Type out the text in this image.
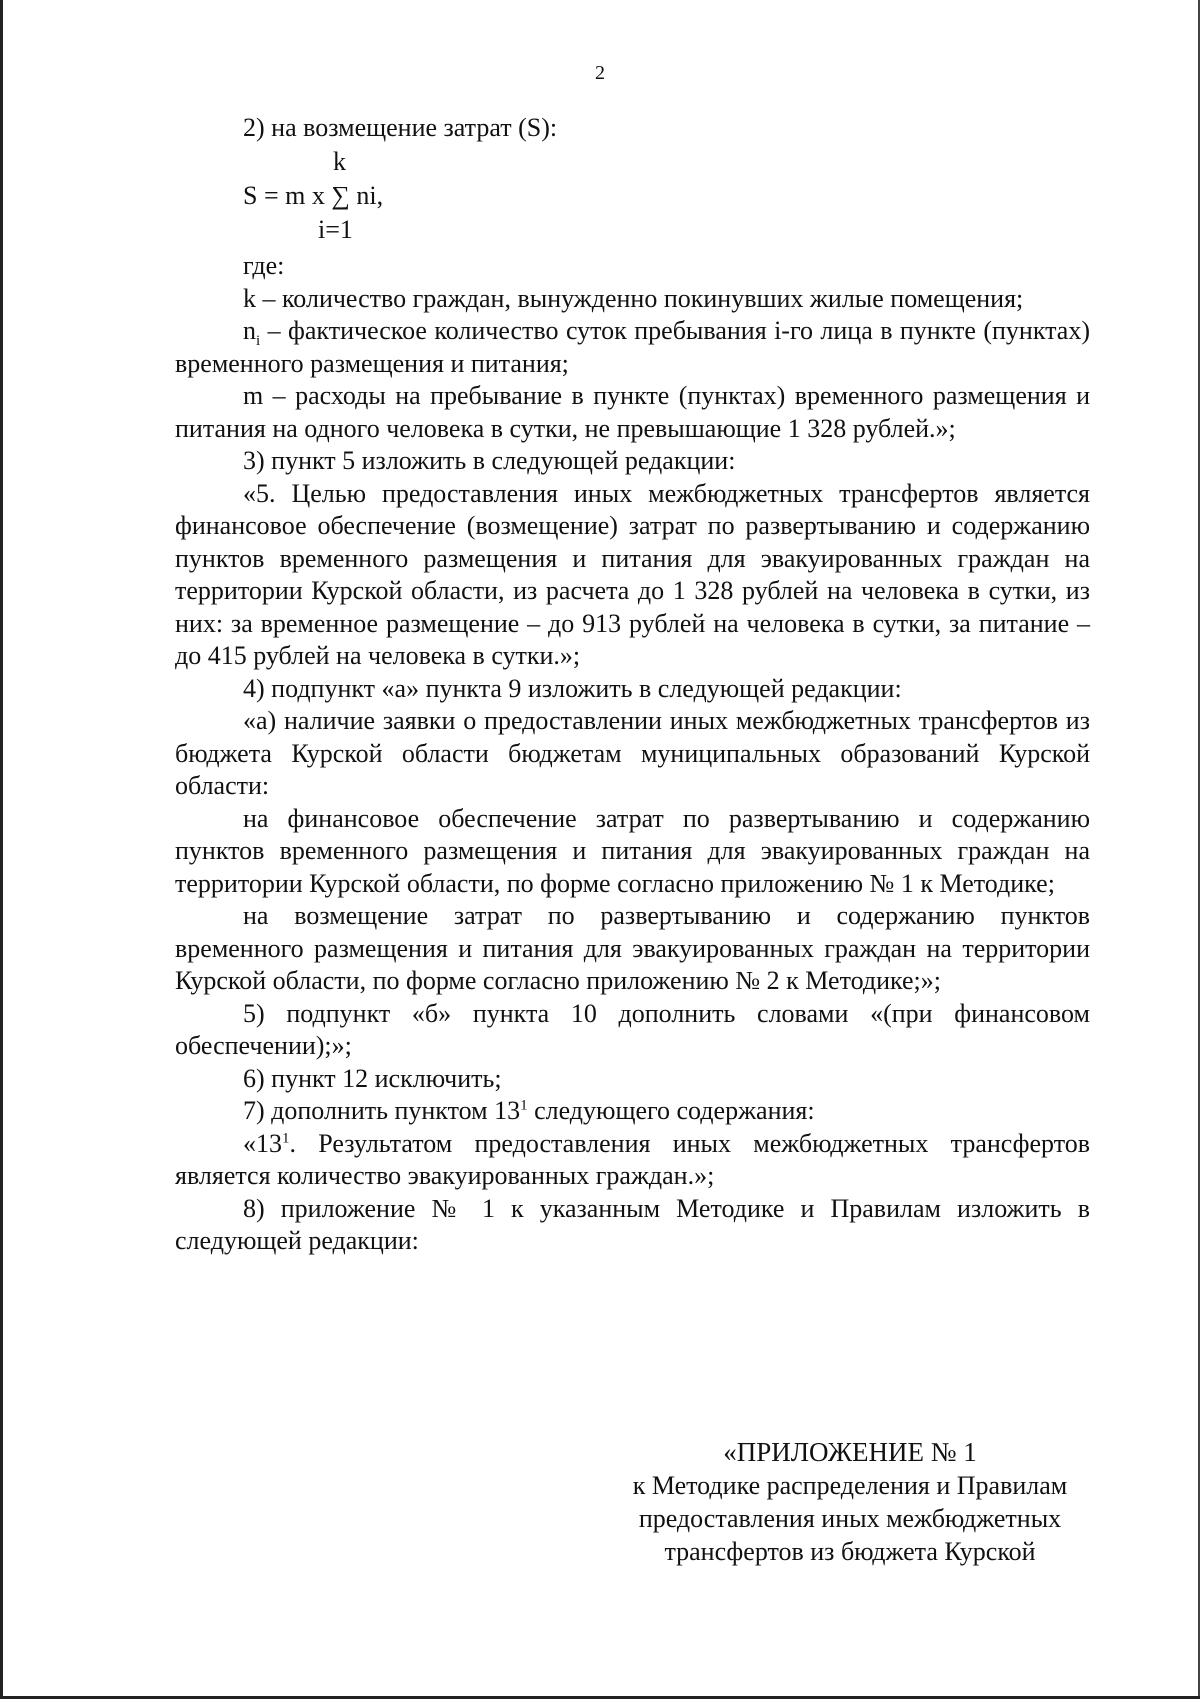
2
2) на возмещение затрат (S):
k
S = m x ∑ ni,
i=1

где:

k – количество граждан, вынужденно покинувших жилые помещения;

$n_i$ – фактическое количество суток пребывания i-го лица в пункте (пунктах) временного размещения и питания;

m – расходы на пребывание в пункте (пунктах) временного размещения и питания на одного человека в сутки, не превышающие 1 328 рублей.»;

3) пункт 5 изложить в следующей редакции:

«5. Целью предоставления иных межбюджетных трансфертов является финансовое обеспечение (возмещение) затрат по развертыванию и содержанию пунктов временного размещения и питания для эвакуированных граждан на территории Курской области, из расчета до 1 328 рублей на человека в сутки, из них: за временное размещение – до 913 рублей на человека в сутки, за питание – до 415 рублей на человека в сутки.»;

4) подпункт «а» пункта 9 изложить в следующей редакции:

«а) наличие заявки о предоставлении иных межбюджетных трансфертов из бюджета Курской области бюджетам муниципальных образований Курской области:

на финансовое обеспечение затрат по развертыванию и содержанию пунктов временного размещения и питания для эвакуированных граждан на территории Курской области, по форме согласно приложению № 1 к Методике;

на возмещение затрат по развертыванию и содержанию пунктов временного размещения и питания для эвакуированных граждан на территории Курской области, по форме согласно приложению № 2 к Методике;»;

5) подпункт «б» пункта 10 дополнить словами «(при финансовом обеспечении);»;

6) пункт 12 исключить;

7) дополнить пунктом $13^1$ следующего содержания:

«$13^1$. Результатом предоставления иных межбюджетных трансфертов является количество эвакуированных граждан.»;

8) приложение № 1 к указанным Методике и Правилам изложить в следующей редакции:

«ПРИЛОЖЕНИЕ № 1
к Методике распределения и Правилам
предоставления иных межбюджетных
трансфертов из бюджета Курской
